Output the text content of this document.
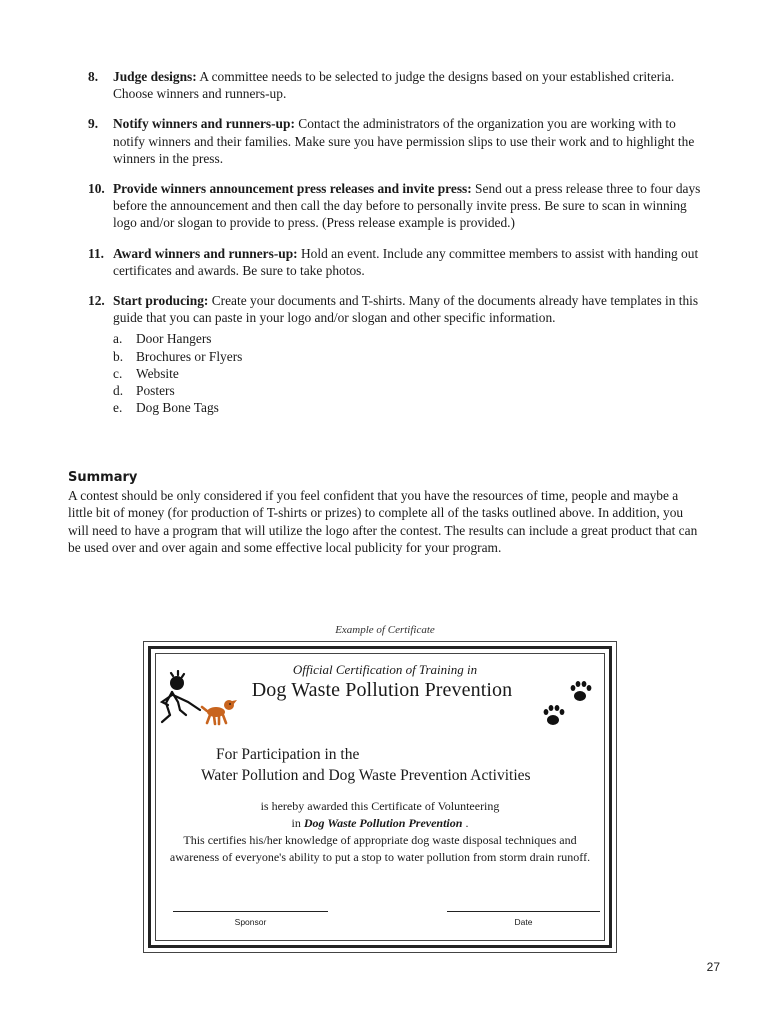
8. Judge designs: A committee needs to be selected to judge the designs based on your established criteria. Choose winners and runners-up.
9. Notify winners and runners-up: Contact the administrators of the organization you are working with to notify winners and their families. Make sure you have permission slips to use their work and to highlight the winners in the press.
10. Provide winners announcement press releases and invite press: Send out a press release three to four days before the announcement and then call the day before to personally invite press. Be sure to scan in winning logo and/or slogan to provide to press. (Press release example is provided.)
11. Award winners and runners-up: Hold an event. Include any committee members to assist with handing out certificates and awards. Be sure to take photos.
12. Start producing: Create your documents and T-shirts. Many of the documents already have templates in this guide that you can paste in your logo and/or slogan and other specific information.
a. Door Hangers
b. Brochures or Flyers
c. Website
d. Posters
e. Dog Bone Tags
Summary

A contest should be only considered if you feel confident that you have the resources of time, people and maybe a little bit of money (for production of T-shirts or prizes) to complete all of the tasks outlined above. In addition, you will need to have a program that will utilize the logo after the contest. The results can include a great product that can be used over and over again and some effective local publicity for your program.

Example of Certificate
Official Certification of Training in
Dog Waste Pollution Prevention
For Participation in the
Water Pollution and Dog Waste Prevention Activities
is hereby awarded this Certificate of Volunteering
in Dog Waste Pollution Prevention .
This certifies his/her knowledge of appropriate dog waste disposal techniques and awareness of everyone's ability to put a stop to water pollution from storm drain runoff.
Sponsor	Date
27
